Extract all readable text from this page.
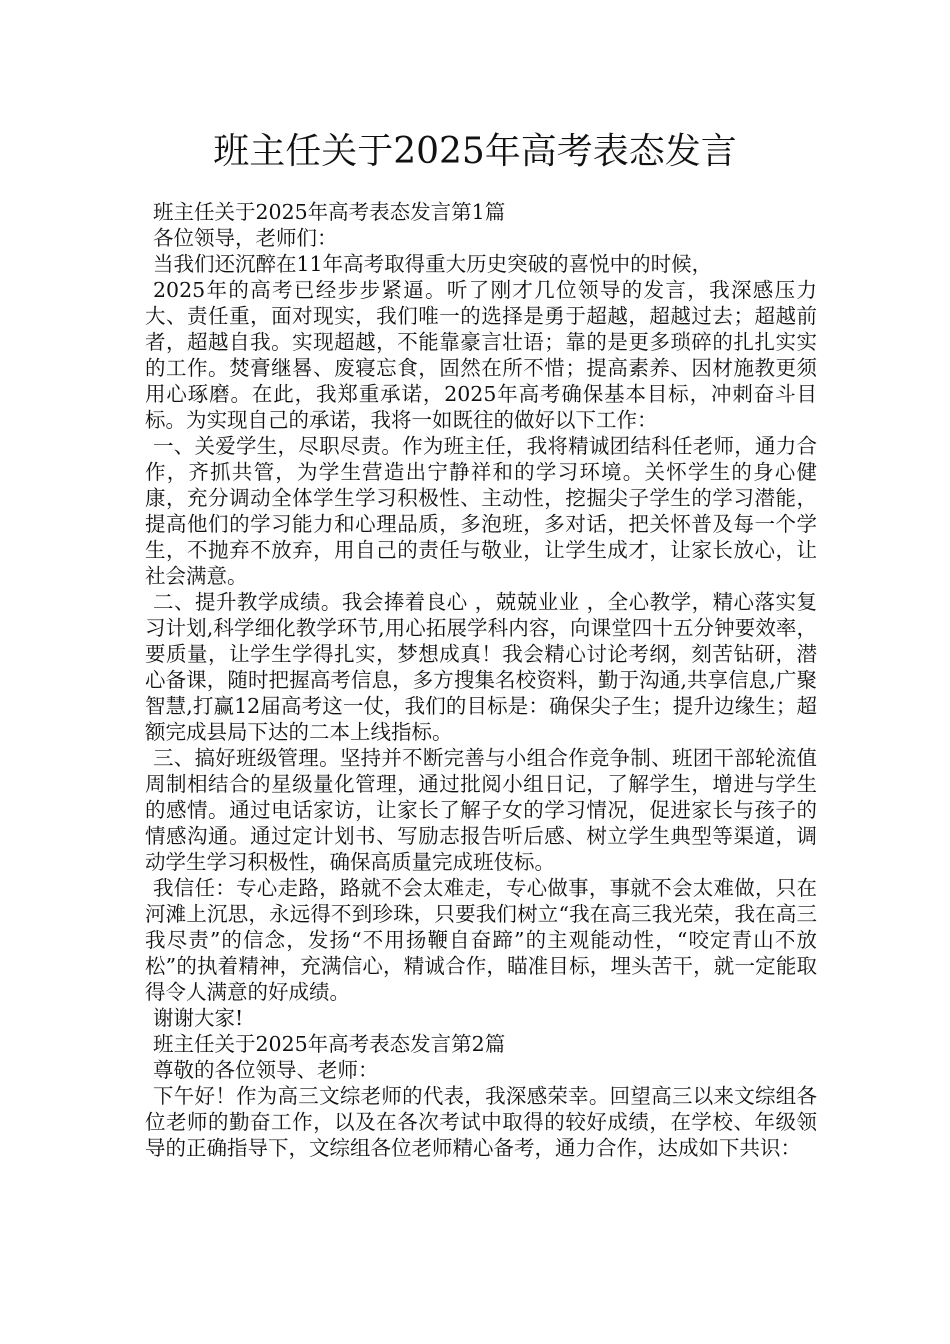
班主任关于2025年高考表态发言

班主任关于2025年高考表态发言第1篇

各位领导，老师们：

当我们还沉醉在11年高考取得重大历史突破的喜悦中的时候，

2025年的高考已经步步紧逼。听了刚才几位领导的发言，我深感压力大、责任重，面对现实，我们唯一的选择是勇于超越，超越过去；超越前者，超越自我。实现超越，不能靠豪言壮语；靠的是更多琐碎的扎扎实实的工作。焚膏继晷、废寝忘食，固然在所不惜；提高素养、因材施教更须用心琢磨。在此，我郑重承诺，2025年高考确保基本目标，冲刺奋斗目标。为实现自己的承诺，我将一如既往的做好以下工作：

一、关爱学生，尽职尽责。作为班主任，我将精诚团结科任老师，通力合作，齐抓共管，为学生营造出宁静祥和的学习环境。关怀学生的身心健康，充分调动全体学生学习积极性、主动性，挖掘尖子学生的学习潜能，提高他们的学习能力和心理品质，多泡班，多对话，把关怀普及每一个学生，不抛弃不放弃，用自己的责任与敬业，让学生成才，让家长放心，让社会满意。

二、提升教学成绩。我会捧着良心 ，兢兢业业 ，全心教学，精心落实复习计划,科学细化教学环节,用心拓展学科内容，向课堂四十五分钟要效率，要质量，让学生学得扎实，梦想成真！我会精心讨论考纲，刻苦钻研，潜心备课，随时把握高考信息，多方搜集名校资料，勤于沟通,共享信息,广聚智慧,打赢12届高考这一仗，我们的目标是：确保尖子生；提升边缘生；超额完成县局下达的二本上线指标。

三、搞好班级管理。坚持并不断完善与小组合作竞争制、班团干部轮流值周制相结合的星级量化管理，通过批阅小组日记，了解学生，增进与学生的感情。通过电话家访，让家长了解子女的学习情况，促进家长与孩子的情感沟通。通过定计划书、写励志报告听后感、树立学生典型等渠道，调动学生学习积极性，确保高质量完成班伎标。

我信任：专心走路，路就不会太难走，专心做事，事就不会太难做，只在河滩上沉思，永远得不到珍珠，只要我们树立“我在高三我光荣，我在高三我尽责”的信念，发扬“不用扬鞭自奋蹄”的主观能动性，“咬定青山不放松”的执着精神，充满信心，精诚合作，瞄准目标，埋头苦干，就一定能取得令人满意的好成绩。

谢谢大家!

班主任关于2025年高考表态发言第2篇

尊敬的各位领导、老师：

下午好！作为高三文综老师的代表，我深感荣幸。回望高三以来文综组各位老师的勤奋工作，以及在各次考试中取得的较好成绩，在学校、年级领导的正确指导下，文综组各位老师精心备考，通力合作，达成如下共识：
